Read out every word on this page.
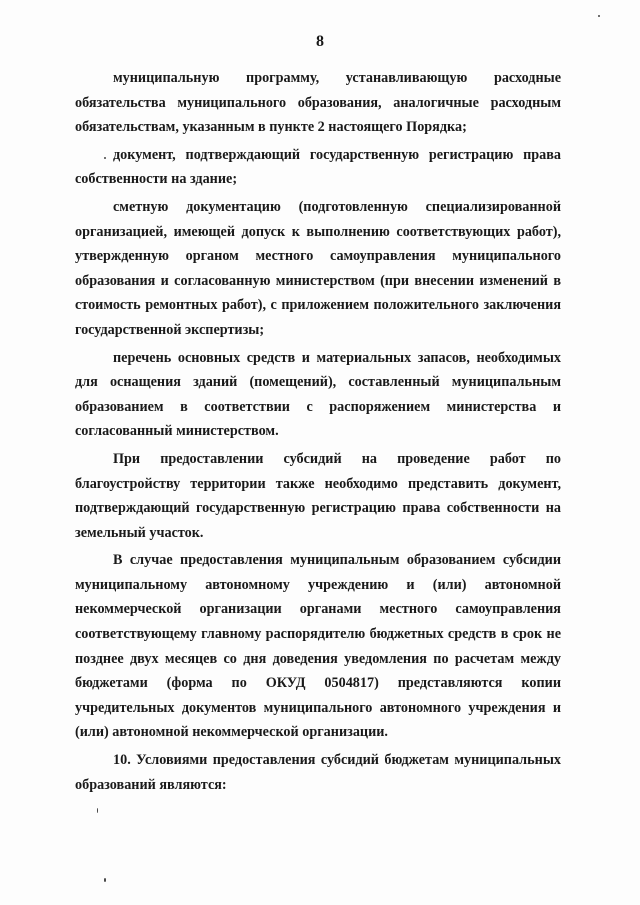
8

муниципальную программу, устанавливающую расходные обязательства муниципального образования, аналогичные расходным обязательствам, указанным в пункте 2 настоящего Порядка;

документ, подтверждающий государственную регистрацию права собственности на здание;

сметную документацию (подготовленную специализированной организацией, имеющей допуск к выполнению соответствующих работ), утвержденную органом местного самоуправления муниципального образования и согласованную министерством (при внесении изменений в стоимость ремонтных работ), с приложением положительного заключения государственной экспертизы;

перечень основных средств и материальных запасов, необходимых для оснащения зданий (помещений), составленный муниципальным образованием в соответствии с распоряжением министерства и согласованный министерством.

При предоставлении субсидий на проведение работ по благоустройству территории также необходимо представить документ, подтверждающий государственную регистрацию права собственности на земельный участок.

В случае предоставления муниципальным образованием субсидии муниципальному автономному учреждению и (или) автономной некоммерческой организации органами местного самоуправления соответствующему главному распорядителю бюджетных средств в срок не позднее двух месяцев со дня доведения уведомления по расчетам между бюджетами (форма по ОКУД 0504817) представляются копии учредительных документов муниципального автономного учреждения и (или) автономной некоммерческой организации.

10. Условиями предоставления субсидий бюджетам муниципальных образований являются:
